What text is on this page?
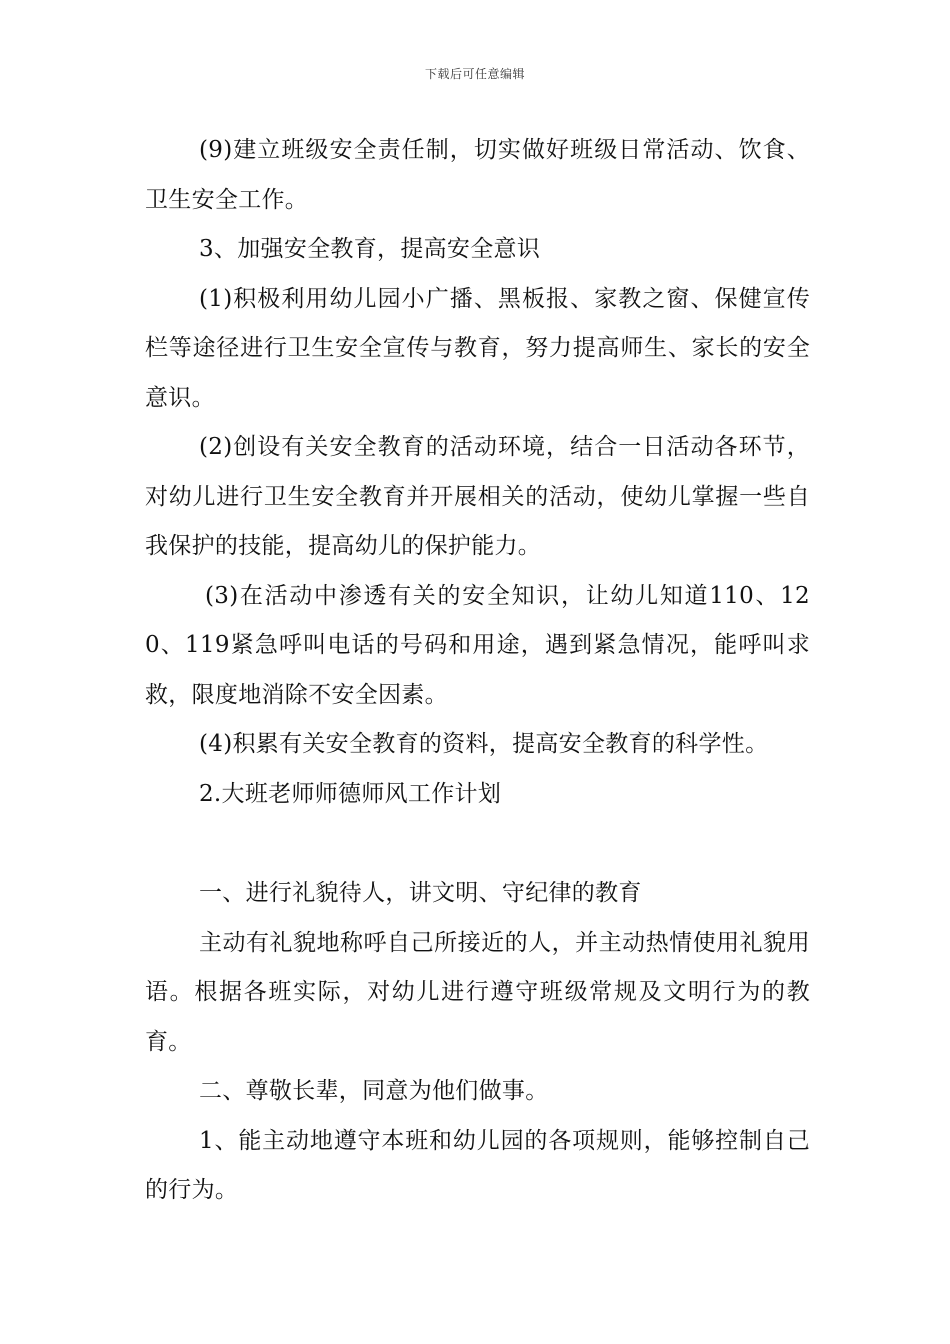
下载后可任意编辑

(9)建立班级安全责任制，切实做好班级日常活动、饮食、卫生安全工作。

3、加强安全教育，提高安全意识

(1)积极利用幼儿园小广播、黑板报、家教之窗、保健宣传栏等途径进行卫生安全宣传与教育，努力提高师生、家长的安全意识。

(2)创设有关安全教育的活动环境，结合一日活动各环节，对幼儿进行卫生安全教育并开展相关的活动，使幼儿掌握一些自我保护的技能，提高幼儿的保护能力。

(3)在活动中渗透有关的安全知识，让幼儿知道110、120、119紧急呼叫电话的号码和用途，遇到紧急情况，能呼叫求救，限度地消除不安全因素。

(4)积累有关安全教育的资料，提高安全教育的科学性。

2.大班老师师德师风工作计划

一、进行礼貌待人，讲文明、守纪律的教育

主动有礼貌地称呼自己所接近的人，并主动热情使用礼貌用语。根据各班实际，对幼儿进行遵守班级常规及文明行为的教育。

二、尊敬长辈，同意为他们做事。

1、能主动地遵守本班和幼儿园的各项规则，能够控制自己的行为。
